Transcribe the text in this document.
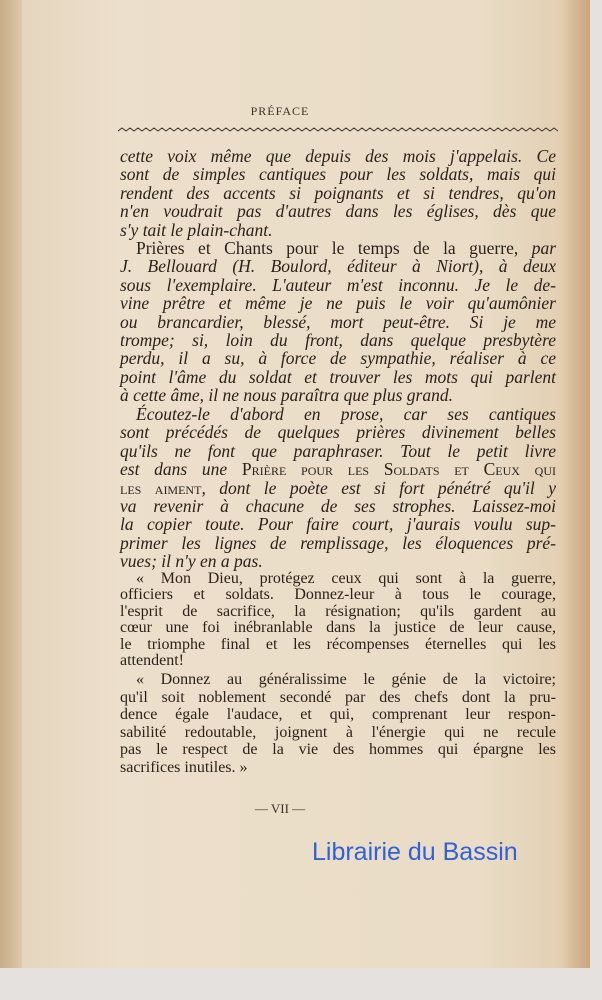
PRÉFACE
cette voix même que depuis des mois j'appelais. Ce
sont de simples cantiques pour les soldats, mais qui
rendent des accents si poignants et si tendres, qu'on
n'en voudrait pas d'autres dans les églises, dès que
s'y tait le plain-chant.
Prières et Chants pour le temps de la guerre, par
J. Bellouard (H. Boulord, éditeur à Niort), à deux
sous l'exemplaire. L'auteur m'est inconnu. Je le de-
vine prêtre et même je ne puis le voir qu'aumônier
ou brancardier, blessé, mort peut-être. Si je me
trompe; si, loin du front, dans quelque presbytère
perdu, il a su, à force de sympathie, réaliser à ce
point l'âme du soldat et trouver les mots qui parlent
à cette âme, il ne nous paraîtra que plus grand.
Écoutez-le d'abord en prose, car ses cantiques
sont précédés de quelques prières divinement belles
qu'ils ne font que paraphraser. Tout le petit livre
est dans une Prière pour les Soldats et Ceux qui
les aiment, dont le poète est si fort pénétré qu'il y
va revenir à chacune de ses strophes. Laissez-moi
la copier toute. Pour faire court, j'aurais voulu sup-
primer les lignes de remplissage, les éloquences pré-
vues; il n'y en a pas.
« Mon Dieu, protégez ceux qui sont à la guerre,
officiers et soldats. Donnez-leur à tous le courage,
l'esprit de sacrifice, la résignation; qu'ils gardent au
cœur une foi inébranlable dans la justice de leur cause,
le triomphe final et les récompenses éternelles qui les
attendent!
« Donnez au généralissime le génie de la victoire;
qu'il soit noblement secondé par des chefs dont la pru-
dence égale l'audace, et qui, comprenant leur respon-
sabilité redoutable, joignent à l'énergie qui ne recule
pas le respect de la vie des hommes qui épargne les
sacrifices inutiles. »
— VII —
Librairie du Bassin
